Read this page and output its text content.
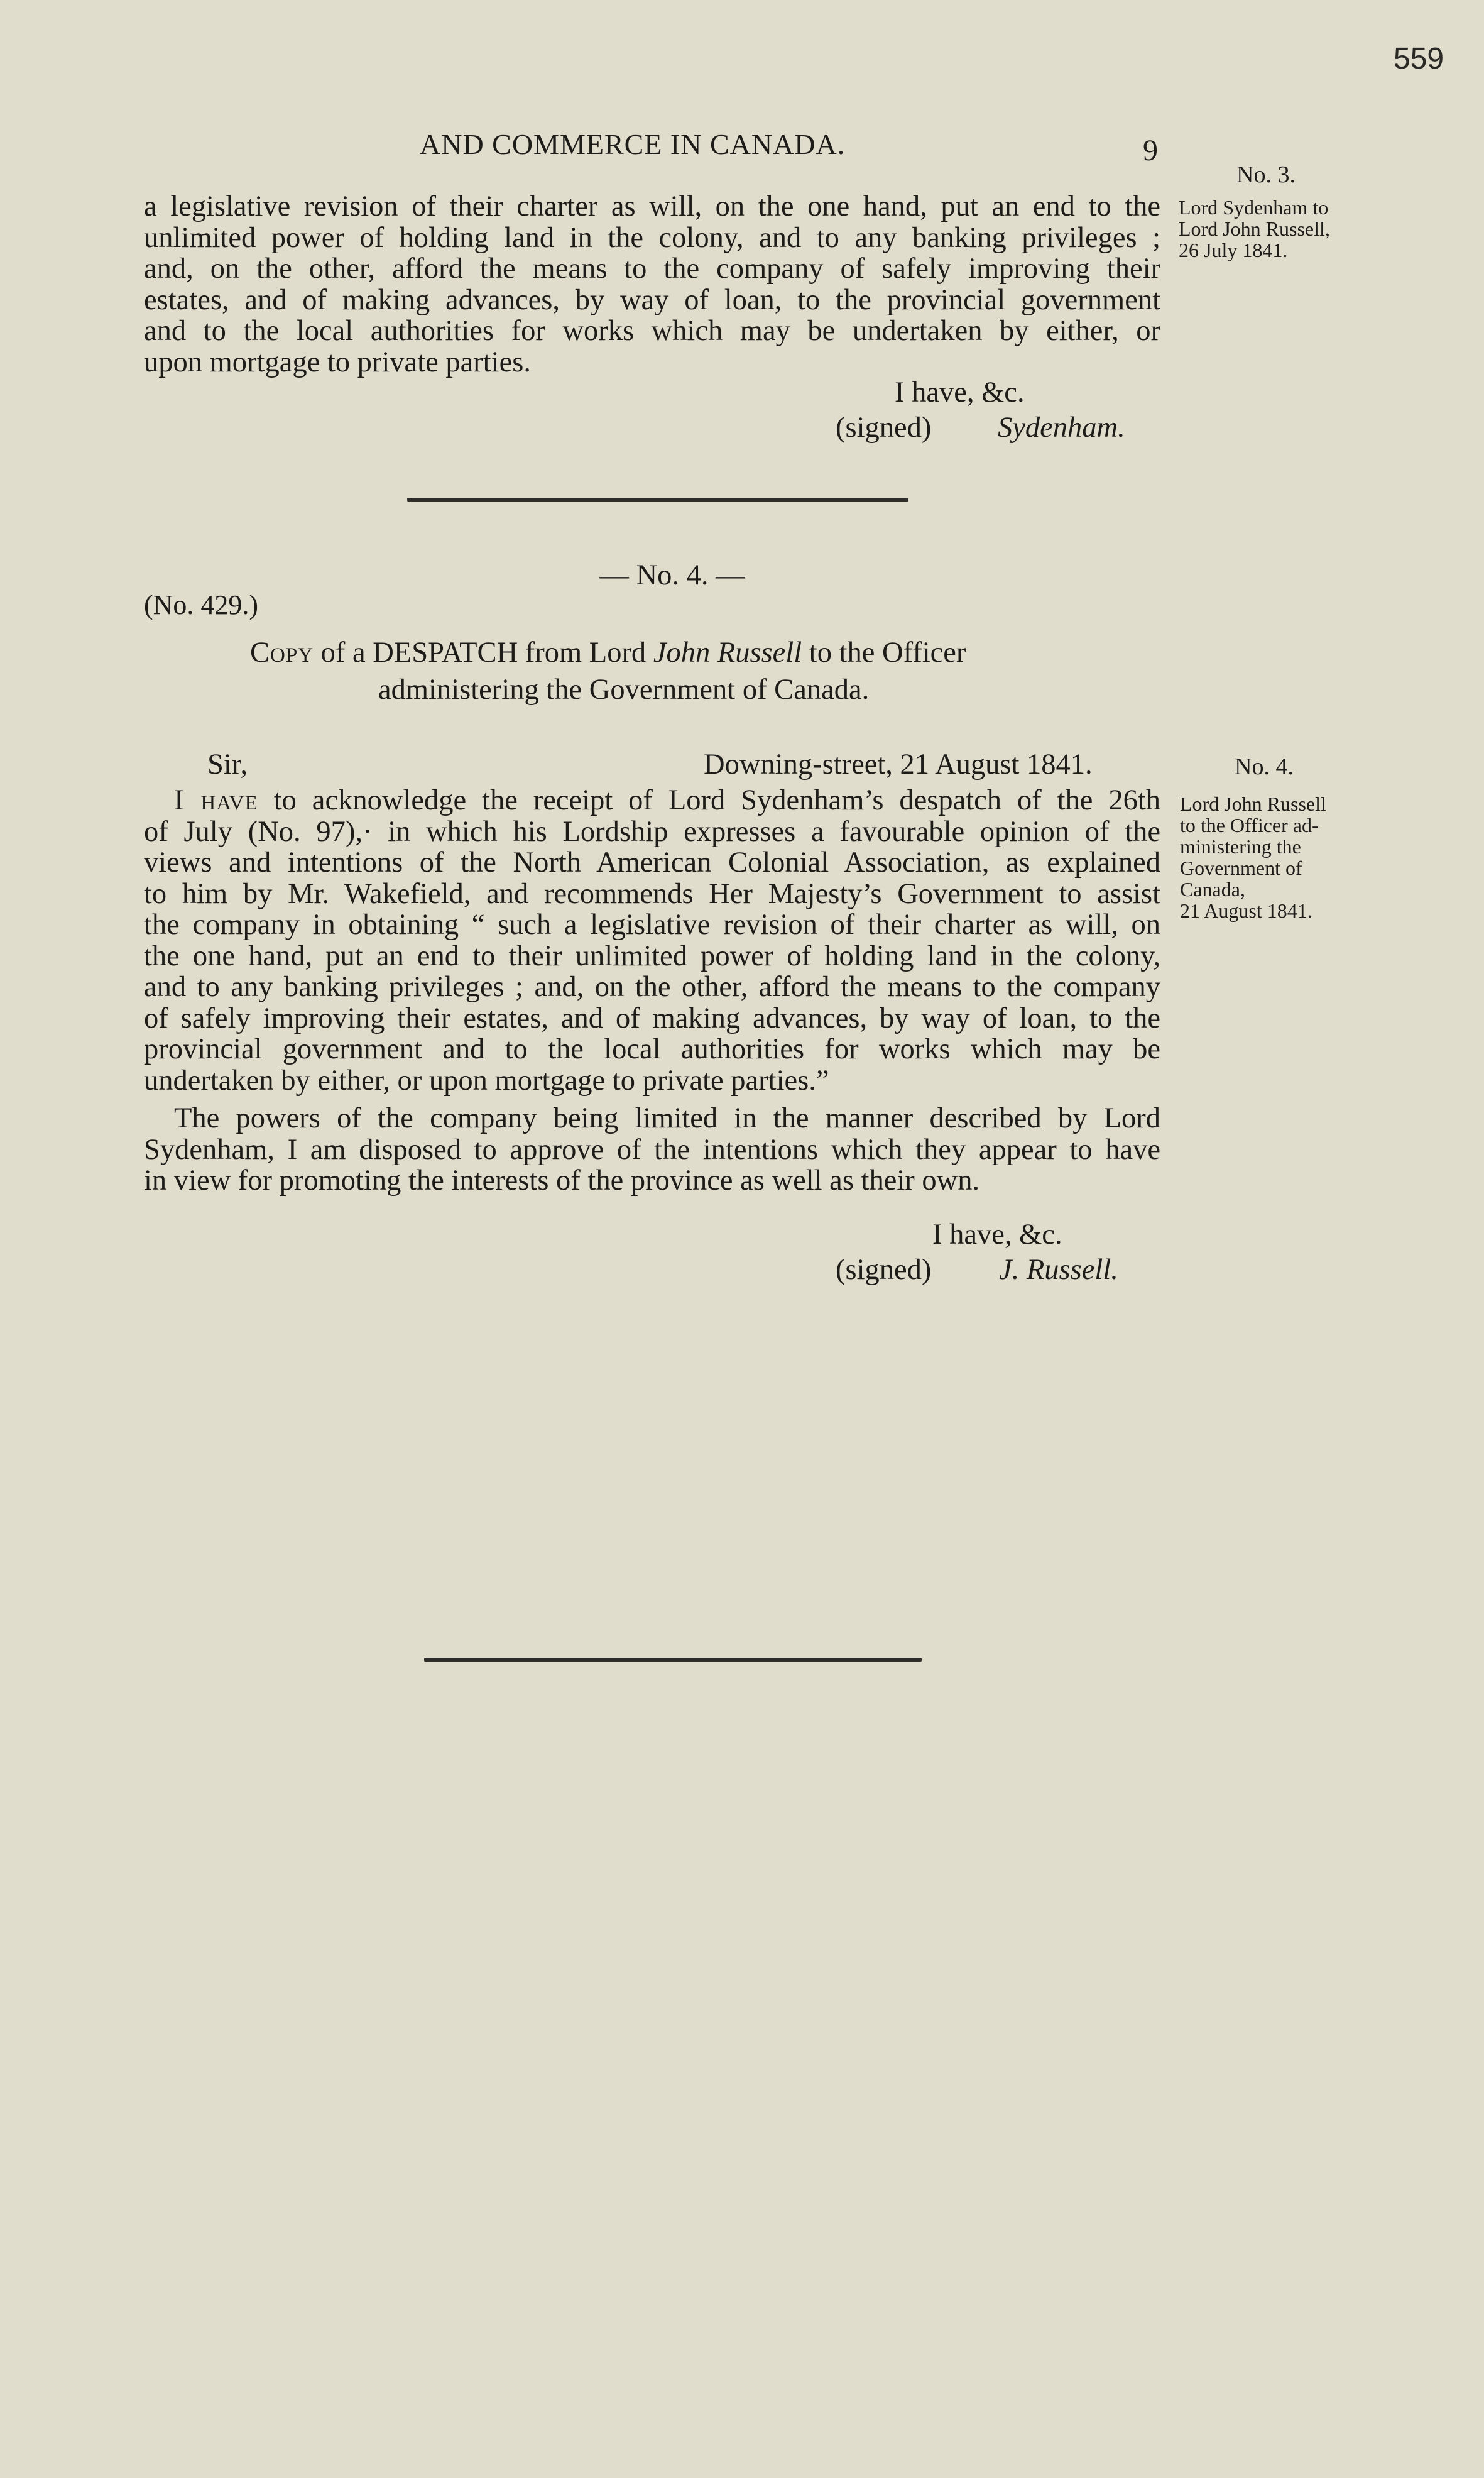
559
AND COMMERCE IN CANADA.	9
No. 3.
Lord Sydenham to
Lord John Russell,
26 July 1841.
a legislative revision of their charter as will, on the one hand, put an end to the
unlimited power of holding land in the colony, and to any banking privileges ;
and, on the other, afford the means to the company of safely improving their
estates, and of making advances, by way of loan, to the provincial government
and to the local authorities for works which may be undertaken by either, or
upon mortgage to private parties.
I have, &c.
(signed) Sydenham.
— No. 4. —
(No. 429.)
Copy of a DESPATCH from Lord John Russell to the Officer
administering the Government of Canada.
Sir,	Downing-street, 21 August 1841.	No. 4.
Lord John Russell
to the Officer ad-
ministering the
Government of
Canada,
21 August 1841.
I have to acknowledge the receipt of Lord Sydenham’s despatch of the 26th
of July (No. 97),· in which his Lordship expresses a favourable opinion of the
views and intentions of the North American Colonial Association, as explained
to him by Mr. Wakefield, and recommends Her Majesty’s Government to assist
the company in obtaining “ such a legislative revision of their charter as will, on
the one hand, put an end to their unlimited power of holding land in the colony,
and to any banking privileges ; and, on the other, afford the means to the company
of safely improving their estates, and of making advances, by way of loan, to the
provincial government and to the local authorities for works which may be
undertaken by either, or upon mortgage to private parties.”
The powers of the company being limited in the manner described by Lord
Sydenham, I am disposed to approve of the intentions which they appear to have
in view for promoting the interests of the province as well as their own.
I have, &c.
(signed) J. Russell.
